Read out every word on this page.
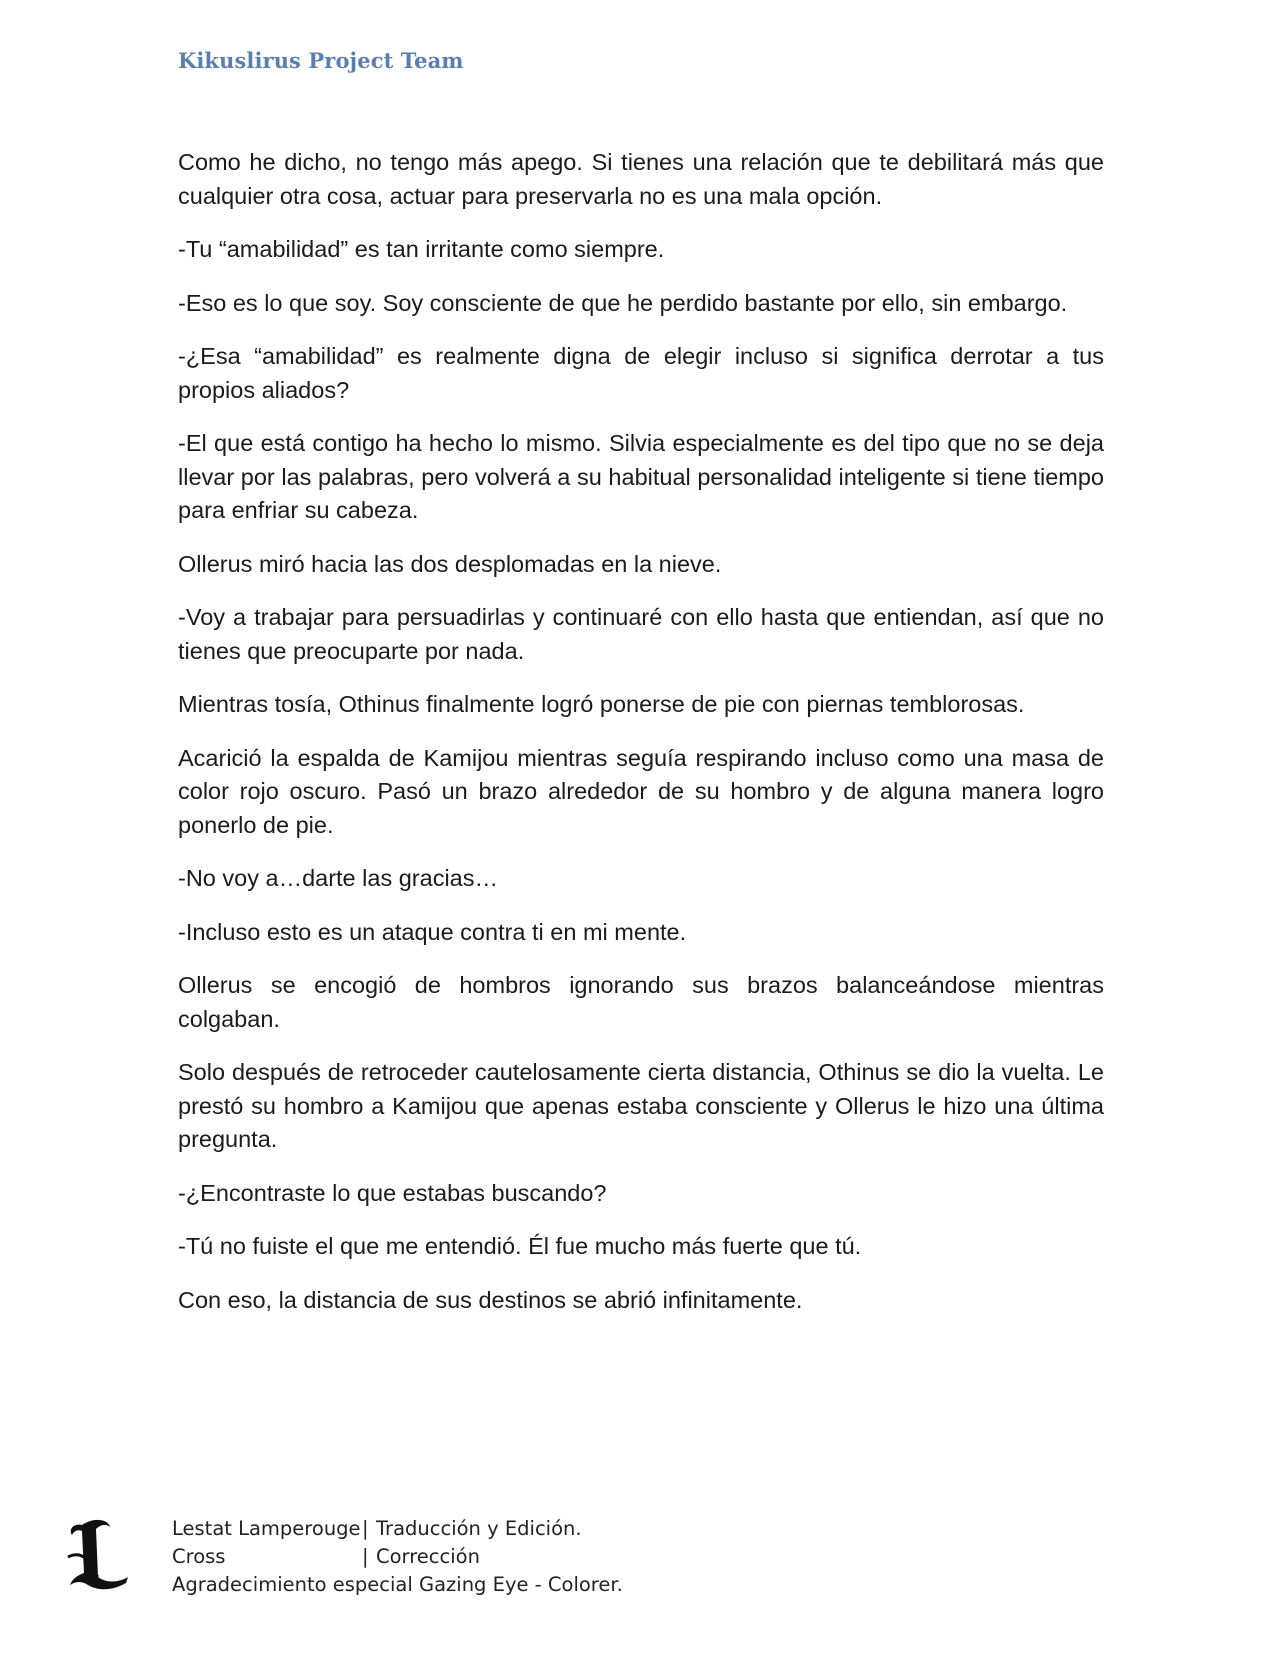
Kikuslirus Project Team

Como he dicho, no tengo más apego. Si tienes una relación que te debilitará más que cualquier otra cosa, actuar para preservarla no es una mala opción.

-Tu “amabilidad” es tan irritante como siempre.

-Eso es lo que soy. Soy consciente de que he perdido bastante por ello, sin embargo.

-¿Esa “amabilidad” es realmente digna de elegir incluso si significa derrotar a tus propios aliados?

-El que está contigo ha hecho lo mismo. Silvia especialmente es del tipo que no se deja llevar por las palabras, pero volverá a su habitual personalidad inteligente si tiene tiempo para enfriar su cabeza.

Ollerus miró hacia las dos desplomadas en la nieve.

-Voy a trabajar para persuadirlas y continuaré con ello hasta que entiendan, así que no tienes que preocuparte por nada.

Mientras tosía, Othinus finalmente logró ponerse de pie con piernas temblorosas.

Acarició la espalda de Kamijou mientras seguía respirando incluso como una masa de color rojo oscuro. Pasó un brazo alrededor de su hombro y de alguna manera logro ponerlo de pie.

-No voy a…darte las gracias…

-Incluso esto es un ataque contra ti en mi mente.

Ollerus se encogió de hombros ignorando sus brazos balanceándose mientras colgaban.

Solo después de retroceder cautelosamente cierta distancia, Othinus se dio la vuelta. Le prestó su hombro a Kamijou que apenas estaba consciente y Ollerus le hizo una última pregunta.

-¿Encontraste lo que estabas buscando?

-Tú no fuiste el que me entendió. Él fue mucho más fuerte que tú.

Con eso, la distancia de sus destinos se abrió infinitamente.

Lestat Lamperouge | Traducción y Edición.
Cross	| Corrección
Agradecimiento especial Gazing Eye - Colorer.
